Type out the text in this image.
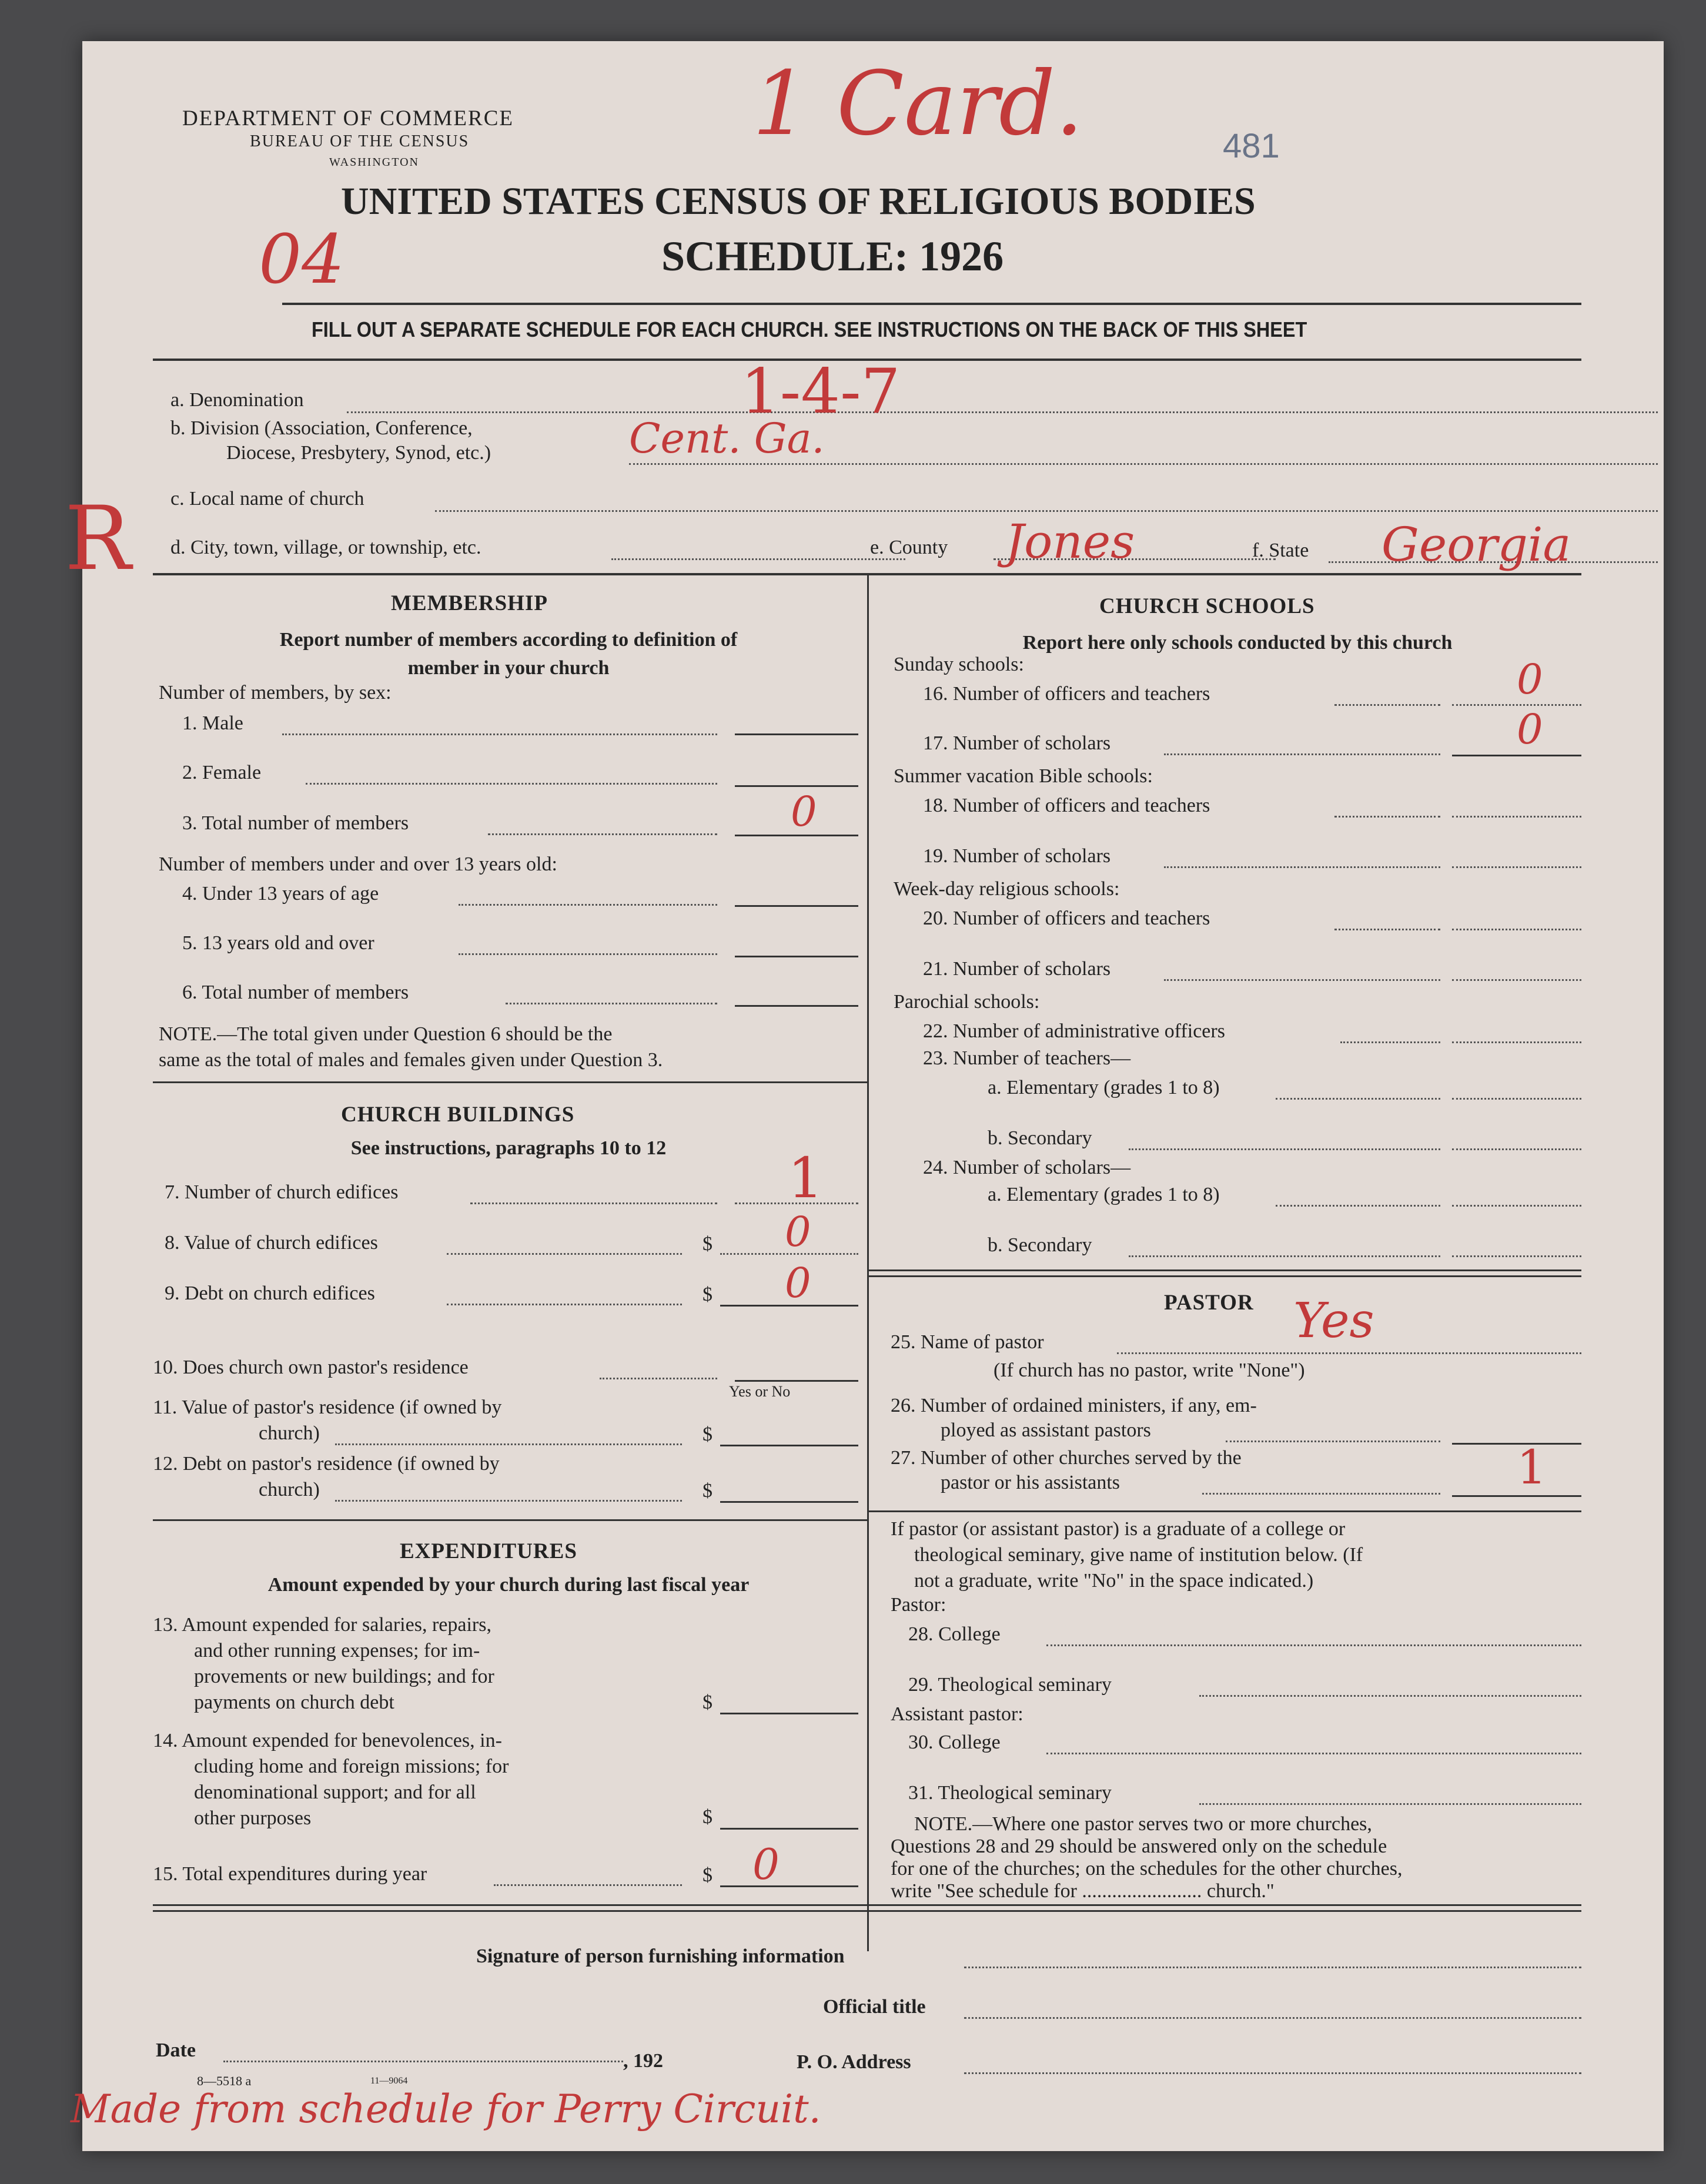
DEPARTMENT OF COMMERCE
BUREAU OF THE CENSUS
WASHINGTON	481
UNITED STATES CENSUS OF RELIGIOUS BODIES
SCHEDULE: 1926
FILL OUT A SEPARATE SCHEDULE FOR EACH CHURCH. SEE INSTRUCTIONS ON THE BACK OF THIS SHEET
1 Card.
04
R
a. Denomination	1-4-7
b. Division (Association, Conference,
Diocese, Presbytery, Synod, etc.)	Cent. Ga.
c. Local name of church
d. City, town, village, or township, etc.	e. County Jones	f. State Georgia
MEMBERSHIP
Report number of members according to definition of
member in your church
Number of members, by sex:
1. Male
2. Female
3. Total number of members	0
Number of members under and over 13 years old:
4. Under 13 years of age
5. 13 years old and over
6. Total number of members
NOTE.—The total given under Question 6 should be the
same as the total of males and females given under Question 3.
CHURCH BUILDINGS
See instructions, paragraphs 10 to 12
7. Number of church edifices	1
8. Value of church edifices	$ 0
9. Debt on church edifices	$ 0
10. Does church own pastor's residence
Yes or No
11. Value of pastor's residence (if owned by
church)	$
12. Debt on pastor's residence (if owned by
church)	$
EXPENDITURES
Amount expended by your church during last fiscal year
13. Amount expended for salaries, repairs,
and other running expenses; for im-
provements or new buildings; and for
payments on church debt	$
14. Amount expended for benevolences, in-
cluding home and foreign missions; for
denominational support; and for all
other purposes	$
15. Total expenditures during year	$ 0
CHURCH SCHOOLS
Report here only schools conducted by this church
Sunday schools:
16. Number of officers and teachers	0
17. Number of scholars	0
Summer vacation Bible schools:
18. Number of officers and teachers
19. Number of scholars
Week-day religious schools:
20. Number of officers and teachers
21. Number of scholars
Parochial schools:
22. Number of administrative officers
23. Number of teachers—
a. Elementary (grades 1 to 8)
b. Secondary
24. Number of scholars—
a. Elementary (grades 1 to 8)
b. Secondary
PASTOR
25. Name of pastor	Yes
(If church has no pastor, write "None")
26. Number of ordained ministers, if any, em-
ployed as assistant pastors
27. Number of other churches served by the
pastor or his assistants	1
If pastor (or assistant pastor) is a graduate of a college or
theological seminary, give name of institution below. (If
not a graduate, write "No" in the space indicated.)
Pastor:
28. College
29. Theological seminary
Assistant pastor:
30. College
31. Theological seminary
NOTE.—Where one pastor serves two or more churches,
Questions 28 and 29 should be answered only on the schedule
for one of the churches; on the schedules for the other churches,
write "See schedule for ........................ church."
Signature of person furnishing information
Official title
Date	, 192	P. O. Address
8—5518 a	11—9064
Made from schedule for Perry Circuit.
